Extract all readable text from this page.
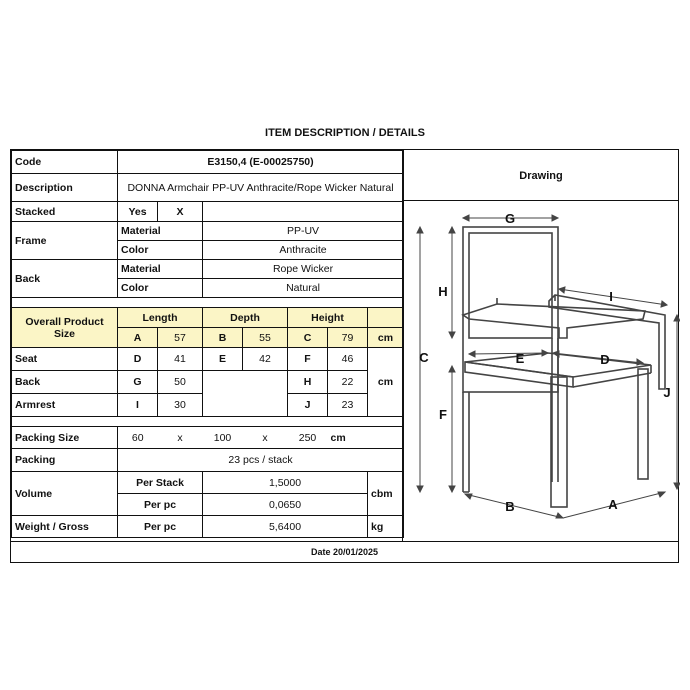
ITEM DESCRIPTION / DETAILS
Code	E3150,4 (E-00025750)						
Description	DONNA Armchair PP-UV Anthracite/Rope Wicker Natural						
Stacked	Yes	X					
Frame	Material		PP-UV				
	Color		Anthracite				
Back	Material		Rope Wicker				
	Color		Natural				

Overall Product Size	Length		Depth		Height		
	A	57	B	55	C	79	cm
Seat	D	41	E	42	F	46	cm
Back	G	50			H	22	
Armrest	I	30			J	23	

Packing Size	60	x	100	x	250	cm	
Packing	23 pcs / stack						
Volume	Per Stack		1,5000				cbm
	Per pc		0,0650				
Weight / Gross	Per pc		5,6400				kg
Drawing
G
H
C
I
E	D
F
J
B	A
Date 20/01/2025
